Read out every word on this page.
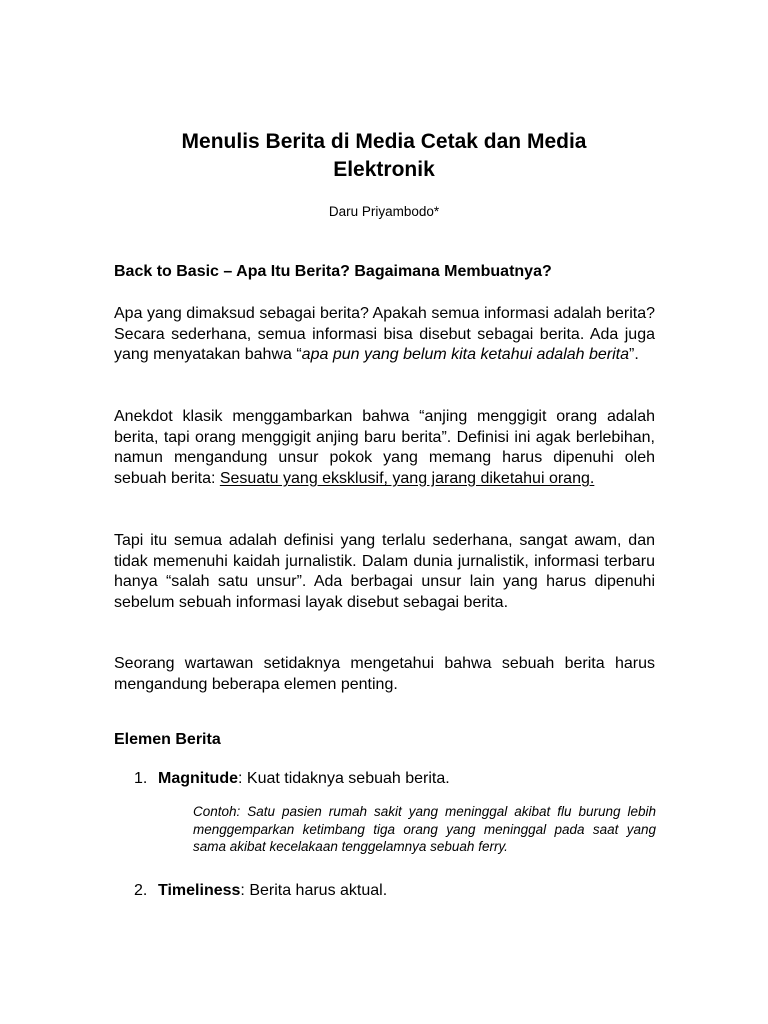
Menulis Berita di Media Cetak dan Media
Elektronik
Daru Priyambodo*
Back to Basic – Apa Itu Berita? Bagaimana Membuatnya?

Apa yang dimaksud sebagai berita? Apakah semua informasi adalah berita? Secara sederhana, semua informasi bisa disebut sebagai berita. Ada juga yang menyatakan bahwa “apa pun yang belum kita ketahui adalah berita”.

Anekdot klasik menggambarkan bahwa “anjing menggigit orang adalah berita, tapi orang menggigit anjing baru berita”. Definisi ini agak berlebihan, namun mengandung unsur pokok yang memang harus dipenuhi oleh sebuah berita: Sesuatu yang eksklusif, yang jarang diketahui orang.

Tapi itu semua adalah definisi yang terlalu sederhana, sangat awam, dan tidak memenuhi kaidah jurnalistik. Dalam dunia jurnalistik, informasi terbaru hanya “salah satu unsur”. Ada berbagai unsur lain yang harus dipenuhi sebelum sebuah informasi layak disebut sebagai berita.

Seorang wartawan setidaknya mengetahui bahwa sebuah berita harus mengandung beberapa elemen penting.

Elemen Berita
1. Magnitude: Kuat tidaknya sebuah berita.

Contoh: Satu pasien rumah sakit yang meninggal akibat flu burung lebih menggemparkan ketimbang tiga orang yang meninggal pada saat yang sama akibat kecelakaan tenggelamnya sebuah ferry.

2. Timeliness: Berita harus aktual.
